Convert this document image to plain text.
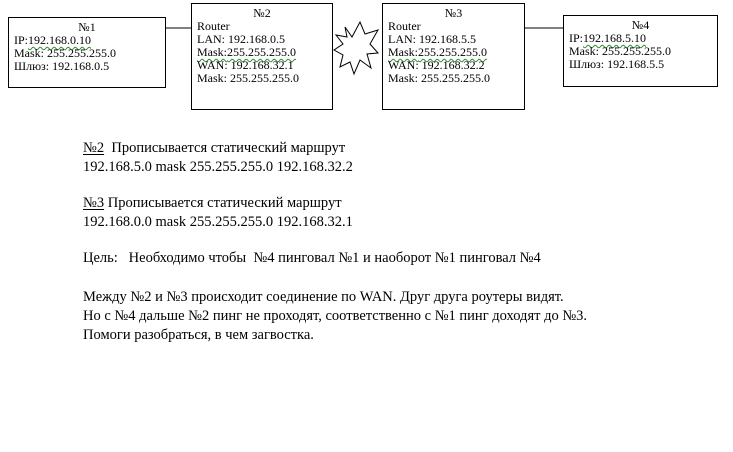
№1
IP:192.168.0.10
Mask: 255.255.255.0
Шлюз: 192.168.0.5
№2
Router
LAN: 192.168.0.5
Mask:255.255.255.0
WAN: 192.168.32.1
Mask: 255.255.255.0
№3
Router
LAN: 192.168.5.5
Mask:255.255.255.0
WAN: 192.168.32.2
Mask: 255.255.255.0
№4
IP:192.168.5.10
Mask: 255.255.255.0
Шлюз: 192.168.5.5
№2  Прописывается статический маршрут
192.168.5.0 mask 255.255.255.0 192.168.32.2
№3 Прописывается статический маршрут
192.168.0.0 mask 255.255.255.0 192.168.32.1
Цель:   Необходимо чтобы  №4 пинговал №1 и наоборот №1 пинговал №4
Между №2 и №3 происходит соединение по WAN. Друг друга роутеры видят.
Но с №4 дальше №2 пинг не проходят, соответственно с №1 пинг доходят до №3.
Помоги разобраться, в чем загвостка.
